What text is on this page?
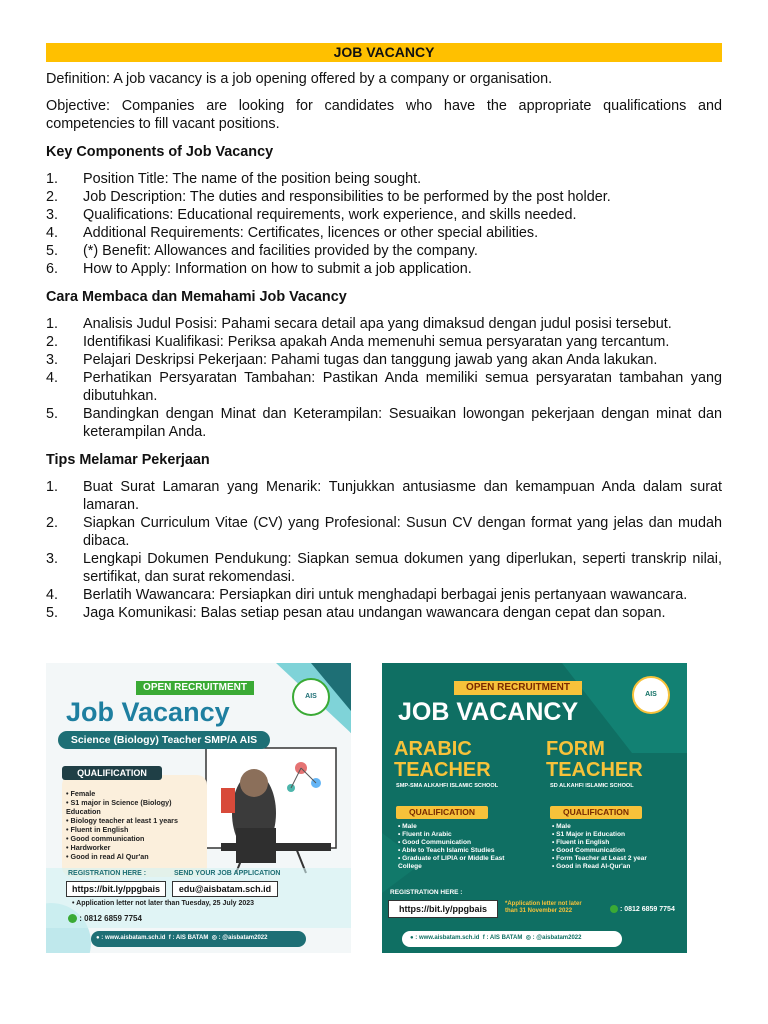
JOB VACANCY

Definition: A job vacancy is a job opening offered by a company or organisation.

Objective: Companies are looking for candidates who have the appropriate qualifications and competencies to fill vacant positions.

Key Components of Job Vacancy
1.	Position Title: The name of the position being sought.
2.	Job Description: The duties and responsibilities to be performed by the post holder.
3.	Qualifications: Educational requirements, work experience, and skills needed.
4.	Additional Requirements: Certificates, licences or other special abilities.
5.	(*) Benefit: Allowances and facilities provided by the company.
6.	How to Apply: Information on how to submit a job application.
Cara Membaca dan Memahami Job Vacancy
1.	Analisis Judul Posisi: Pahami secara detail apa yang dimaksud dengan judul posisi tersebut.
2.	Identifikasi Kualifikasi: Periksa apakah Anda memenuhi semua persyaratan yang tercantum.
3.	Pelajari Deskripsi Pekerjaan: Pahami tugas dan tanggung jawab yang akan Anda lakukan.
4.	Perhatikan Persyaratan Tambahan: Pastikan Anda memiliki semua persyaratan tambahan yang dibutuhkan.
5.	Bandingkan dengan Minat dan Keterampilan: Sesuaikan lowongan pekerjaan dengan minat dan keterampilan Anda.
Tips Melamar Pekerjaan
1.	Buat Surat Lamaran yang Menarik: Tunjukkan antusiasme dan kemampuan Anda dalam surat lamaran.
2.	Siapkan Curriculum Vitae (CV) yang Profesional: Susun CV dengan format yang jelas dan mudah dibaca.
3.	Lengkapi Dokumen Pendukung: Siapkan semua dokumen yang diperlukan, seperti transkrip nilai, sertifikat, dan surat rekomendasi.
4.	Berlatih Wawancara: Persiapkan diri untuk menghadapi berbagai jenis pertanyaan wawancara.
5.	Jaga Komunikasi: Balas setiap pesan atau undangan wawancara dengan cepat dan sopan.
OPEN RECRUITMENT
Job Vacancy
Science (Biology) Teacher SMP/A AIS
AIS
QUALIFICATION
• Female
• S1 major in Science (Biology) Education
• Biology teacher at least 1 years
• Fluent in English
• Good communication
• Hardworker
• Good in read Al Qur'an
REGISTRATION HERE :
https://bit.ly/ppgbais
SEND YOUR JOB APPLICATION
edu@aisbatam.sch.id
• Application letter not later than Tuesday, 25 July 2023
: 0812 6859 7754
● : www.aisbatam.sch.id f : AIS BATAM ◎ : @aisbatam2022
OPEN RECRUITMENT
JOB VACANCY
AIS
ARABIC
TEACHER
SMP-SMA ALKAHFI ISLAMIC SCHOOL
FORM
TEACHER
SD ALKAHFI ISLAMIC SCHOOL
QUALIFICATION	QUALIFICATION
• Male
• Fluent in Arabic
• Good Communication
• Able to Teach Islamic Studies
• Graduate of LIPIA or Middle East College
• Male
• S1 Major in Education
• Fluent in English
• Good Communication
• Form Teacher at Least 2 year
• Good in Read Al-Qur'an
REGISTRATION HERE :
https://bit.ly/ppgbais	*Application letter not later
than 31 November 2022	: 0812 6859 7754
● : www.aisbatam.sch.id f : AIS BATAM ◎ : @aisbatam2022
